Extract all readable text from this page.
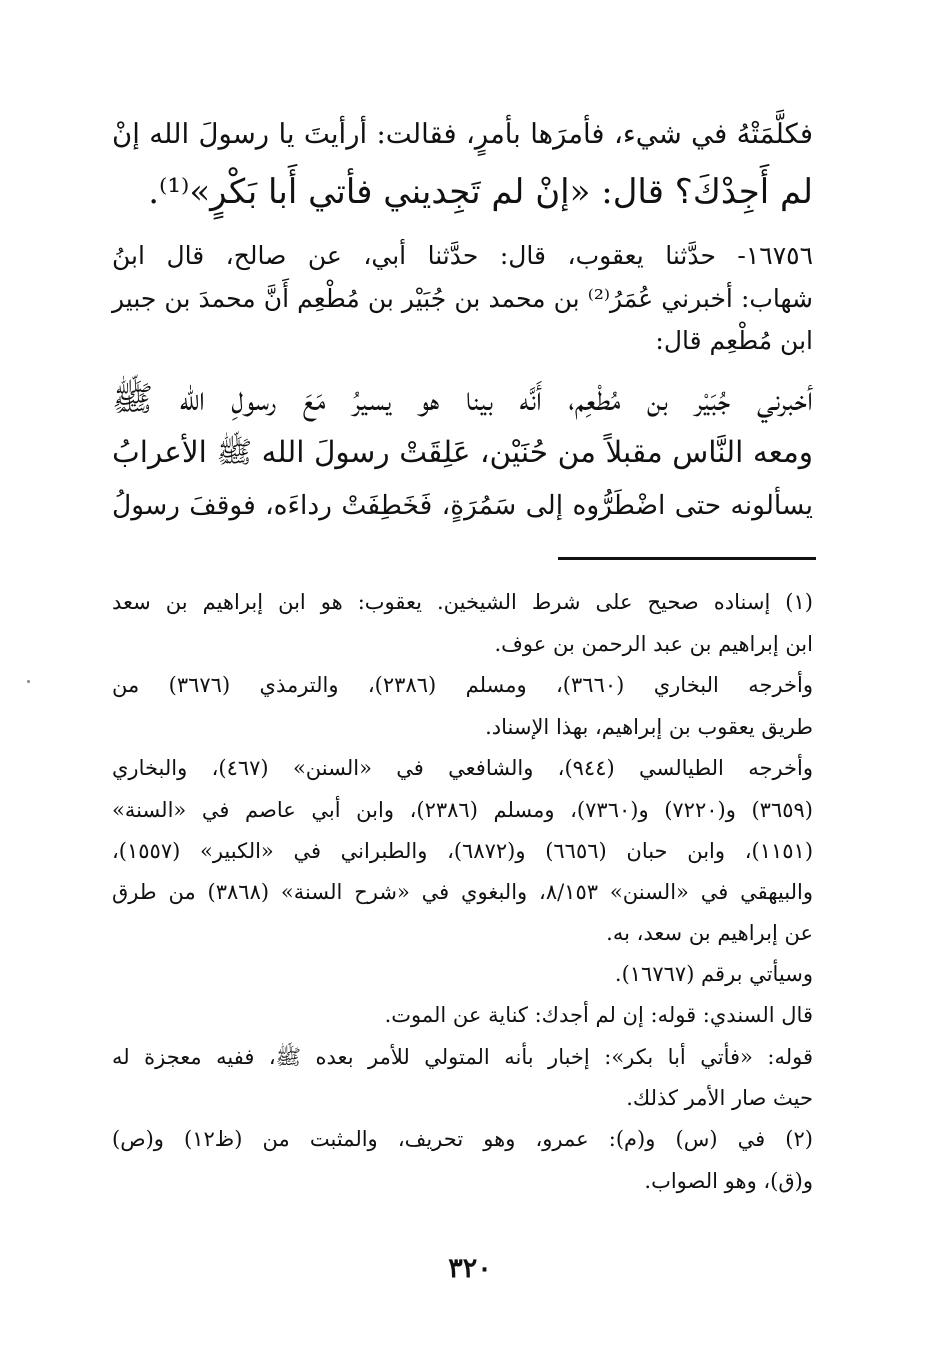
فكلَّمَتْهُ في شيء، فأمرَها بأمرٍ، فقالت: أرأيتَ يا رسولَ الله إنْ
لم أَجِدْكَ؟ قال: «إنْ لم تَجِديني فأتي أَبا بَكْرٍ»⁽¹⁾.
١٦٧٥٦- حدَّثنا يعقوب، قال: حدَّثنا أبي، عن صالح، قال ابنُ
شهاب: أخبرني عُمَرُ⁽²⁾ بن محمد بن جُبَيْر بن مُطْعِم أَنَّ محمدَ بن جبير
ابن مُطْعِم قال:
أخبرني جُبَيْر بن مُطْعِم، أَنَّه بينا هو يسيرُ مَعَ رسولِ الله ﷺ
ومعه النَّاس مقبلاً من حُنَيْن، عَلِقَتْ رسولَ الله ﷺ الأعرابُ
يسألونه حتى اضْطَرُّوه إلى سَمُرَةٍ، فَخَطِفَتْ رداءَه، فوقفَ رسولُ
(١) إسناده صحيح على شرط الشيخين. يعقوب: هو ابن إبراهيم بن سعد
ابن إبراهيم بن عبد الرحمن بن عوف.
وأخرجه البخاري (٣٦٦٠)، ومسلم (٢٣٨٦)، والترمذي (٣٦٧٦) من
طريق يعقوب بن إبراهيم، بهذا الإسناد.
وأخرجه الطيالسي (٩٤٤)، والشافعي في «السنن» (٤٦٧)، والبخاري
(٣٦٥٩) و(٧٢٢٠) و(٧٣٦٠)، ومسلم (٢٣٨٦)، وابن أبي عاصم في «السنة»
(١١٥١)، وابن حبان (٦٦٥٦) و(٦٨٧٢)، والطبراني في «الكبير» (١٥٥٧)،
والبيهقي في «السنن» ٨/١٥٣، والبغوي في «شرح السنة» (٣٨٦٨) من طرق
عن إبراهيم بن سعد، به.
وسيأتي برقم (١٦٧٦٧).
قال السندي: قوله: إن لم أجدك: كناية عن الموت.
قوله: «فأتي أبا بكر»: إخبار بأنه المتولي للأمر بعده ﷺ، ففيه معجزة له
حيث صار الأمر كذلك.
(٢) في (س) و(م): عمرو، وهو تحريف، والمثبت من (ظ١٢) و(ص)
و(ق)، وهو الصواب.
٣٢٠
